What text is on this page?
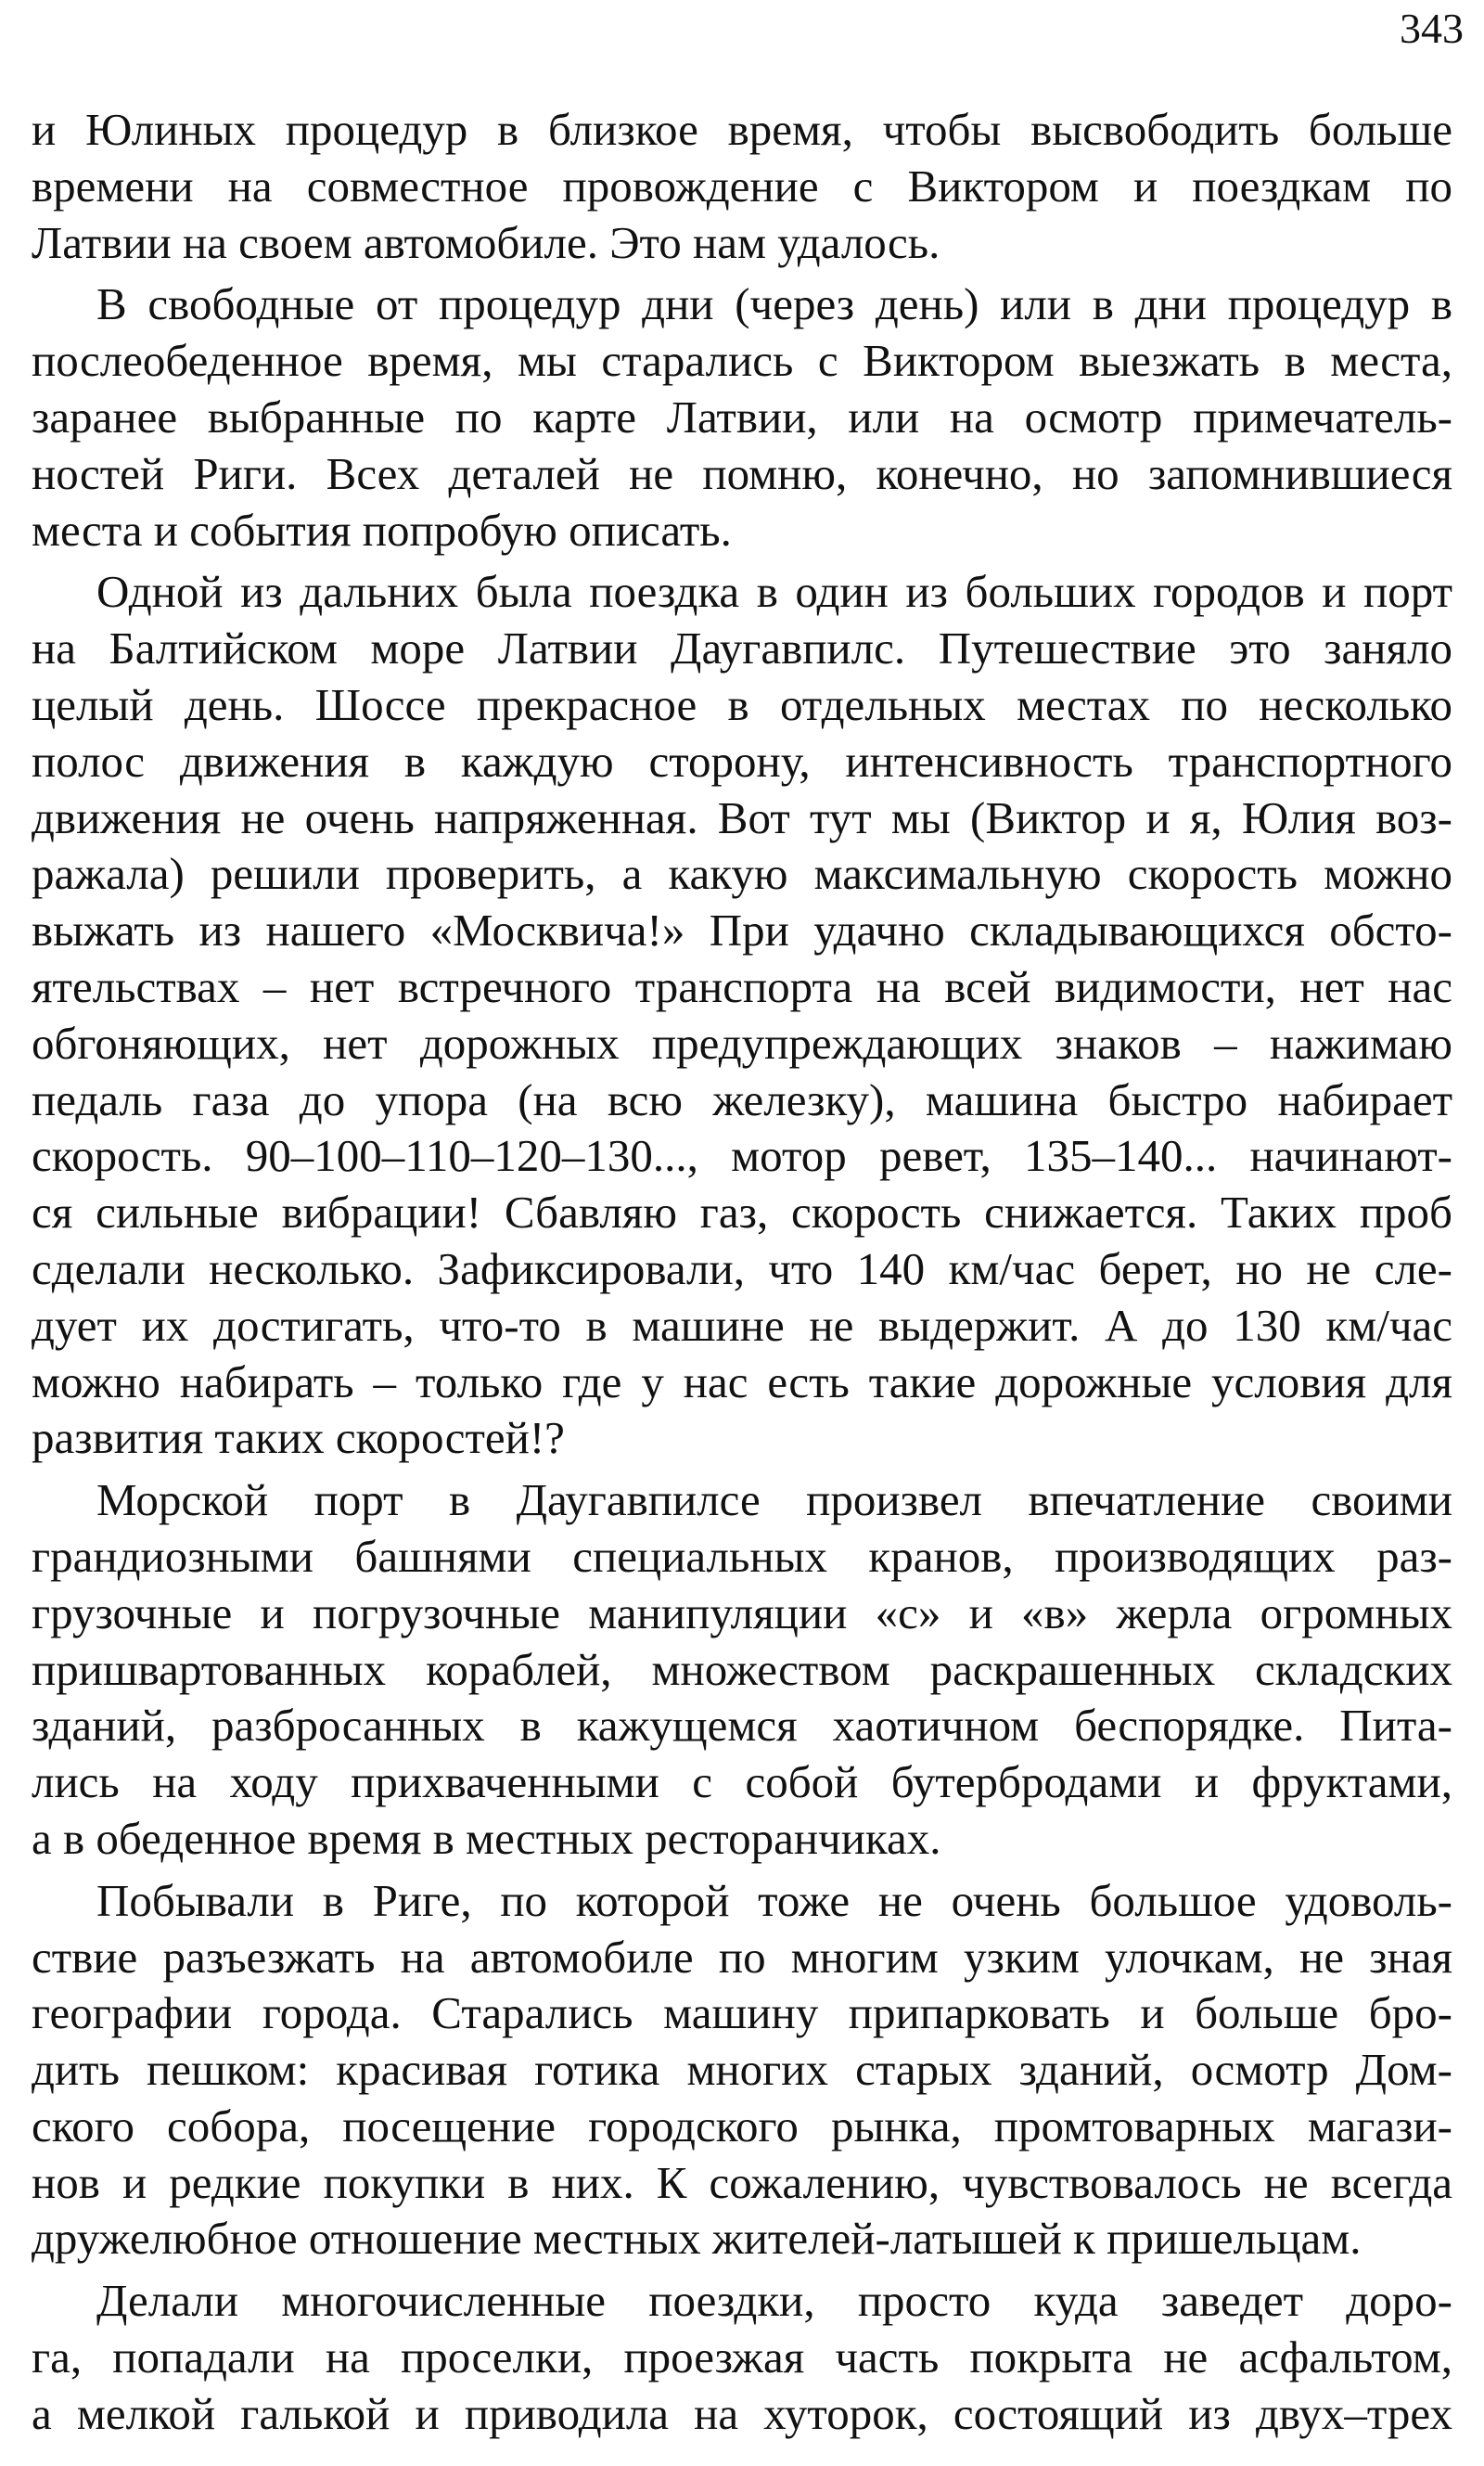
343
и Юлиных процедур в близкое время, чтобы высвободить больше
времени на совместное провождение с Виктором и поездкам по
Латвии на своем автомобиле. Это нам удалось.
В свободные от процедур дни (через день) или в дни процедур в
послеобеденное время, мы старались с Виктором выезжать в места,
заранее выбранные по карте Латвии, или на осмотр примечатель-
ностей Риги. Всех деталей не помню, конечно, но запомнившиеся
места и события попробую описать.
Одной из дальних была поездка в один из больших городов и порт
на Балтийском море Латвии Даугавпилс. Путешествие это заняло
целый день. Шоссе прекрасное в отдельных местах по несколько
полос движения в каждую сторону, интенсивность транспортного
движения не очень напряженная. Вот тут мы (Виктор и я, Юлия воз-
ражала) решили проверить, а какую максимальную скорость можно
выжать из нашего «Москвича!» При удачно складывающихся обсто-
ятельствах – нет встречного транспорта на всей видимости, нет нас
обгоняющих, нет дорожных предупреждающих знаков – нажимаю
педаль газа до упора (на всю железку), машина быстро набирает
скорость. 90–100–110–120–130..., мотор ревет, 135–140... начинают-
ся сильные вибрации! Сбавляю газ, скорость снижается. Таких проб
сделали несколько. Зафиксировали, что 140 км/час берет, но не сле-
дует их достигать, что-то в машине не выдержит. А до 130 км/час
можно набирать – только где у нас есть такие дорожные условия для
развития таких скоростей!?
Морской порт в Даугавпилсе произвел впечатление своими
грандиозными башнями специальных кранов, производящих раз-
грузочные и погрузочные манипуляции «с» и «в» жерла огромных
пришвартованных кораблей, множеством раскрашенных складских
зданий, разбросанных в кажущемся хаотичном беспорядке. Пита-
лись на ходу прихваченными с собой бутербродами и фруктами,
а в обеденное время в местных ресторанчиках.
Побывали в Риге, по которой тоже не очень большое удоволь-
ствие разъезжать на автомобиле по многим узким улочкам, не зная
географии города. Старались машину припарковать и больше бро-
дить пешком: красивая готика многих старых зданий, осмотр Дом-
ского собора, посещение городского рынка, промтоварных магази-
нов и редкие покупки в них. К сожалению, чувствовалось не всегда
дружелюбное отношение местных жителей-латышей к пришельцам.
Делали многочисленные поездки, просто куда заведет доро-
га, попадали на проселки, проезжая часть покрыта не асфальтом,
а мелкой галькой и приводила на хуторок, состоящий из двух–трех
